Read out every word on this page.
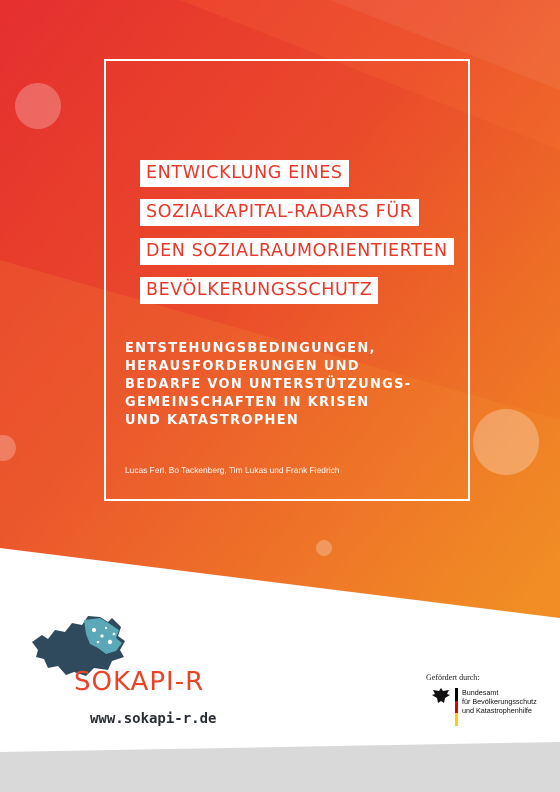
ENTWICKLUNG EINES
SOZIALKAPITAL-RADARS FÜR
DEN SOZIALRAUMORIENTIERTEN
BEVÖLKERUNGSSCHUTZ
ENTSTEHUNGSBEDINGUNGEN,
HERAUSFORDERUNGEN UND
BEDARFE VON UNTERSTÜTZUNGS-
GEMEINSCHAFTEN IN KRISEN
UND KATASTROPHEN
Lucas Ferl, Bo Tackenberg, Tim Lukas und Frank Fiedrich
SOKAPI-R
www.sokapi-r.de
Gefördert durch:
Bundesamt
für Bevölkerungsschutz
und Katastrophenhilfe
